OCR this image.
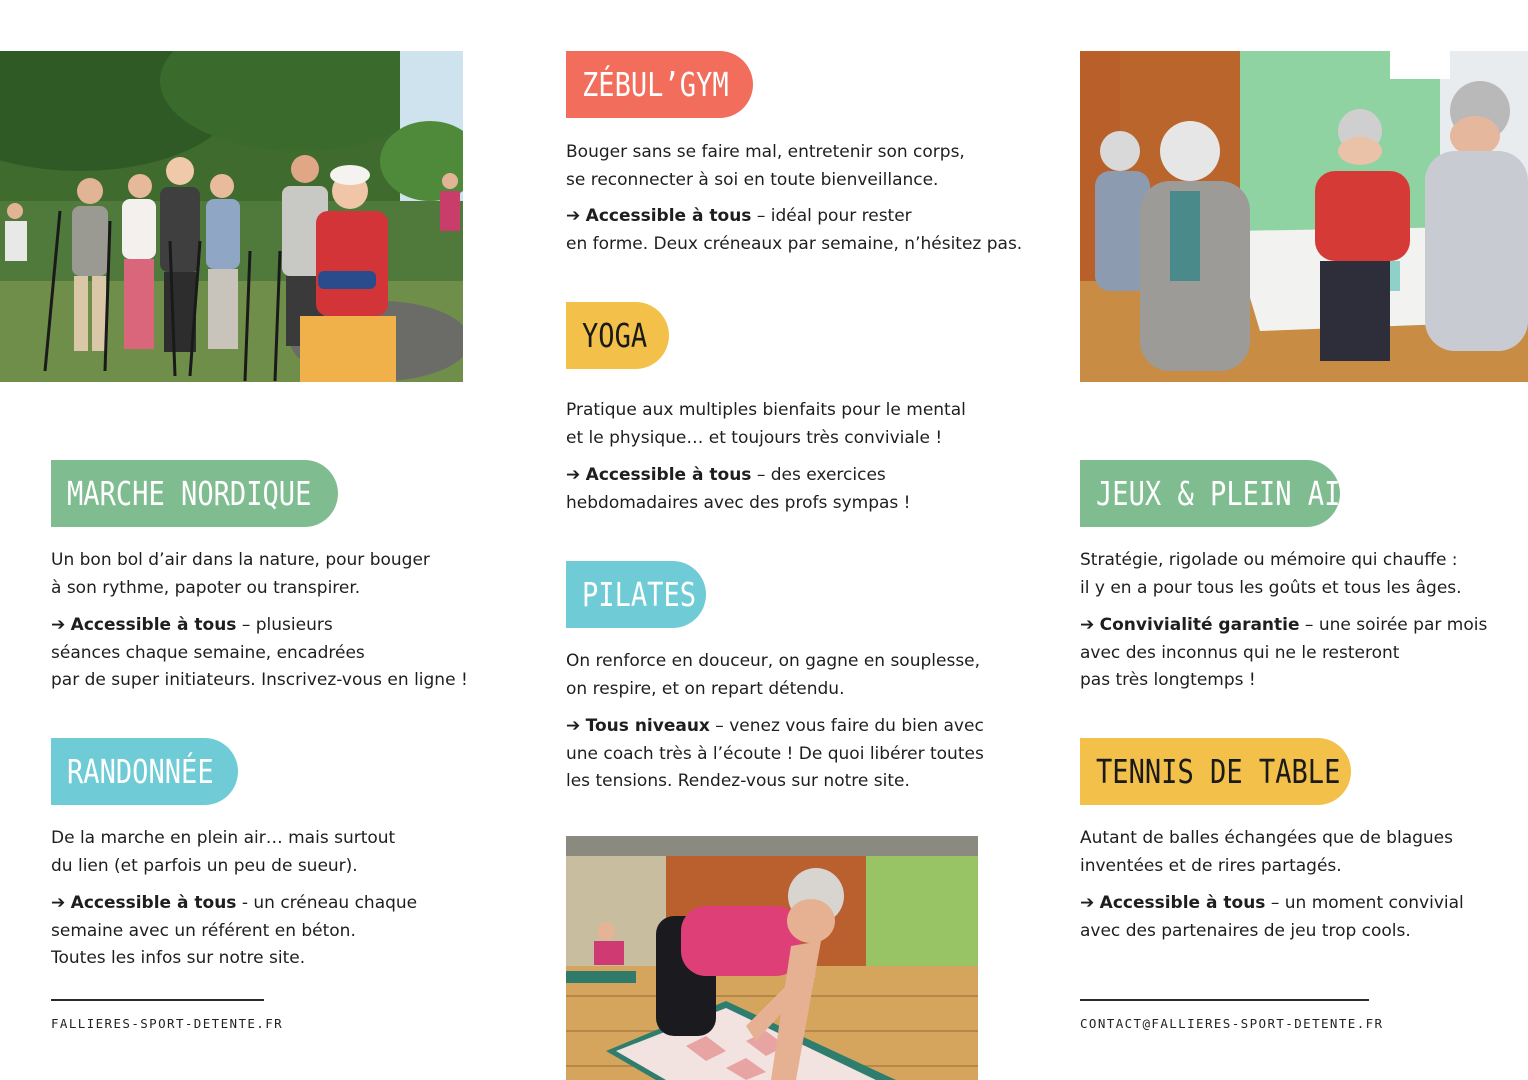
MARCHE NORDIQUE

Un bon bol d’air dans la nature, pour bouger
à son rythme, papoter ou transpirer.

➔ Accessible à tous – plusieurs
séances chaque semaine, encadrées
par de super initiateurs. Inscrivez-vous en ligne !

RANDONNÉE

De la marche en plein air… mais surtout
du lien (et parfois un peu de sueur).

➔ Accessible à tous - un créneau chaque
semaine avec un référent en béton.
Toutes les infos sur notre site.

FALLIERES-SPORT-DETENTE.FR
ZÉBUL’GYM

Bouger sans se faire mal, entretenir son corps,
se reconnecter à soi en toute bienveillance.

➔ Accessible à tous – idéal pour rester
en forme. Deux créneaux par semaine, n’hésitez pas.

YOGA

Pratique aux multiples bienfaits pour le mental
et le physique… et toujours très conviviale !

➔ Accessible à tous – des exercices
hebdomadaires avec des profs sympas !

PILATES

On renforce en douceur, on gagne en souplesse,
on respire, et on repart détendu.

➔ Tous niveaux – venez vous faire du bien avec
une coach très à l’écoute ! De quoi libérer toutes
les tensions. Rendez-vous sur notre site.

JEUX & PLEIN AIR

Stratégie, rigolade ou mémoire qui chauffe :
il y en a pour tous les goûts et tous les âges.

➔ Convivialité garantie – une soirée par mois
avec des inconnus qui ne le resteront
pas très longtemps !

TENNIS DE TABLE

Autant de balles échangées que de blagues
inventées et de rires partagés.

➔ Accessible à tous – un moment convivial
avec des partenaires de jeu trop cools.

CONTACT@FALLIERES-SPORT-DETENTE.FR
